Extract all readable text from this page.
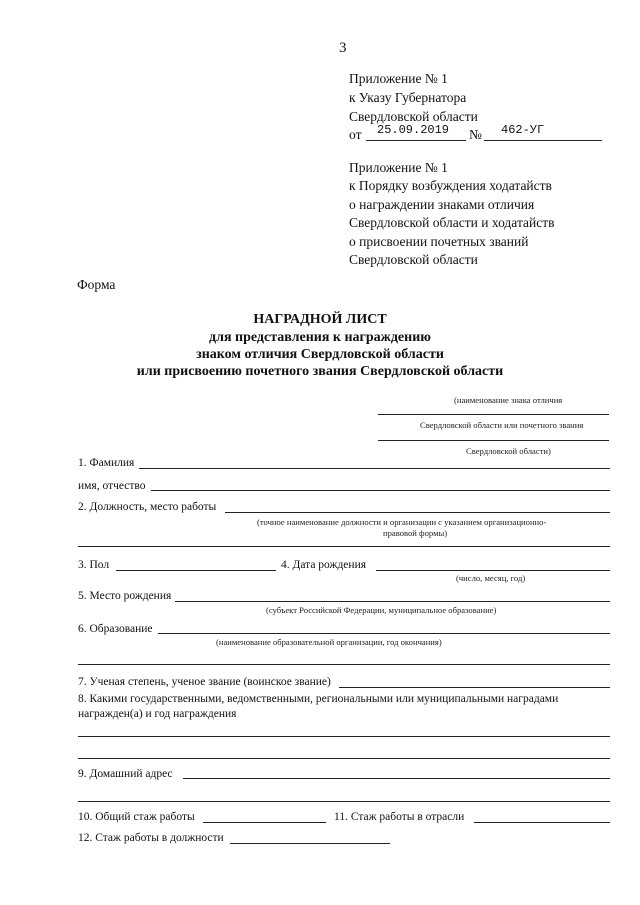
3
Приложение № 1
к Указу Губернатора
Свердловской области
от 25.09.2019 № 462-УГ
Приложение № 1
к Порядку возбуждения ходатайств
о награждении знаками отличия
Свердловской области и ходатайств
о присвоении почетных званий
Свердловской области
Форма
НАГРАДНОЙ ЛИСТ
для представления к награждению
знаком отличия Свердловской области
или присвоению почетного звания Свердловской области
(наименование знака отличия
Свердловской области или почетного звания
Свердловской области)
1. Фамилия
имя, отчество
2. Должность, место работы
(точное наименование должности и организации с указанием организационно-
правовой формы)
3. Пол	4. Дата рождения
(число, месяц, год)
5. Место рождения
(субъект Российской Федерации, муниципальное образование)
6. Образование
(наименование образовательной организации, год окончания)
7. Ученая степень, ученое звание (воинское звание)
8. Какими государственными, ведомственными, региональными или муниципальными наградами
награжден(а) и год награждения
9. Домашний адрес
10. Общий стаж работы	11. Стаж работы в отрасли
12. Стаж работы в должности
